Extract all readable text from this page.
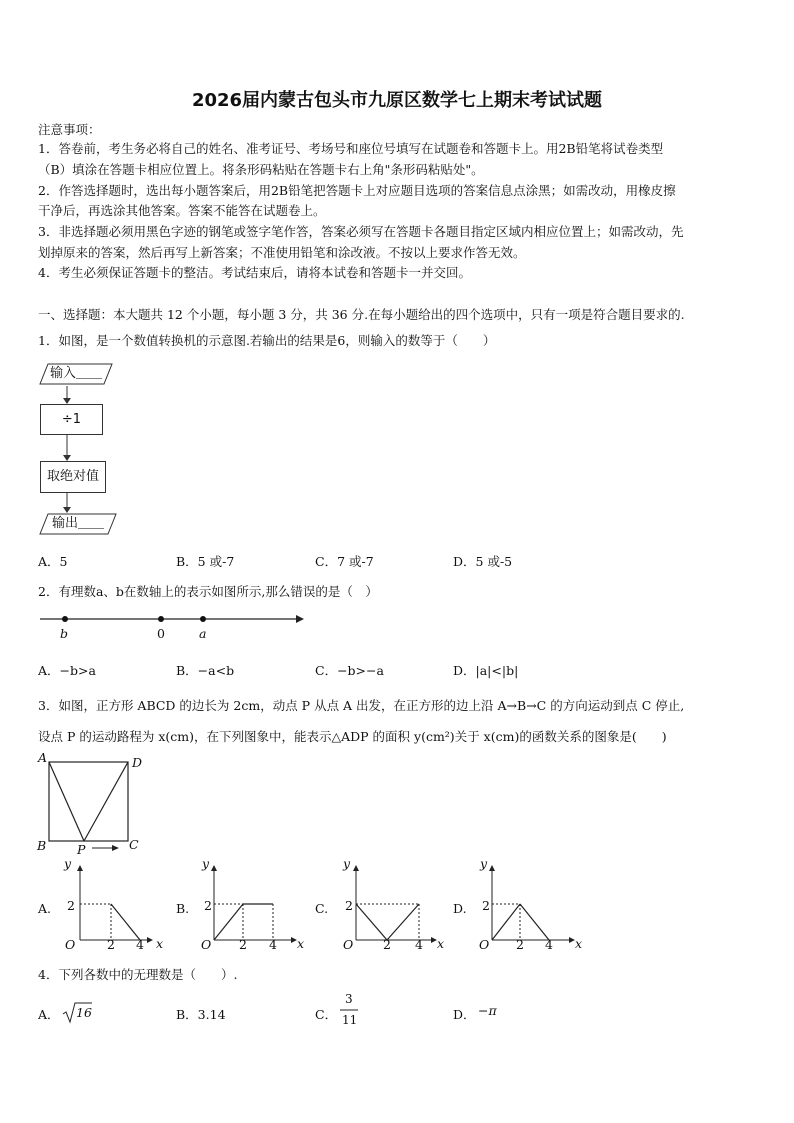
2026届内蒙古包头市九原区数学七上期末考试试题
注意事项：
1．答卷前，考生务必将自己的姓名、准考证号、考场号和座位号填写在试题卷和答题卡上。用2B铅笔将试卷类型
（B）填涂在答题卡相应位置上。将条形码粘贴在答题卡右上角"条形码粘贴处"。
2．作答选择题时，选出每小题答案后，用2B铅笔把答题卡上对应题目选项的答案信息点涂黑；如需改动，用橡皮擦
干净后，再选涂其他答案。答案不能答在试题卷上。
3．非选择题必须用黑色字迹的钢笔或签字笔作答，答案必须写在答题卡各题目指定区域内相应位置上；如需改动，先
划掉原来的答案，然后再写上新答案；不准使用铅笔和涂改液。不按以上要求作答无效。
4．考生必须保证答题卡的整洁。考试结束后，请将本试卷和答题卡一并交回。
一、选择题：本大题共 12 个小题，每小题 3 分，共 36 分.在每小题给出的四个选项中，只有一项是符合题目要求的.
1．如图，是一个数值转换机的示意图.若输出的结果是6，则输入的数等于（　　）
输入＿＿
÷1
取绝对值
输出＿＿
A．5	B．5 或-7	C．7 或-7	D．5 或-5
2．有理数a、b在数轴上的表示如图所示,那么错误的是（　）
b	0	a
A．−b>a	B．−a<b	C．−b>−a	D．|a|<|b|
3．如图，正方形 ABCD 的边长为 2cm，动点 P 从点 A 出发，在正方形的边上沿 A→B→C 的方向运动到点 C 停止,
设点 P 的运动路程为 x(cm)，在下列图象中，能表示△ADP 的面积 y(cm²)关于 x(cm)的函数关系的图象是(　　)
A	D
B	C
P
A.
y
2
O	2 4 x
B.
y
2
O 2 4 x
C.
y
2
O 2 4 x
D.
y
2
O 2 4 x
4．下列各数中的无理数是（　　）.
A． 16	B．3.14	C．
3
11	D． −π
